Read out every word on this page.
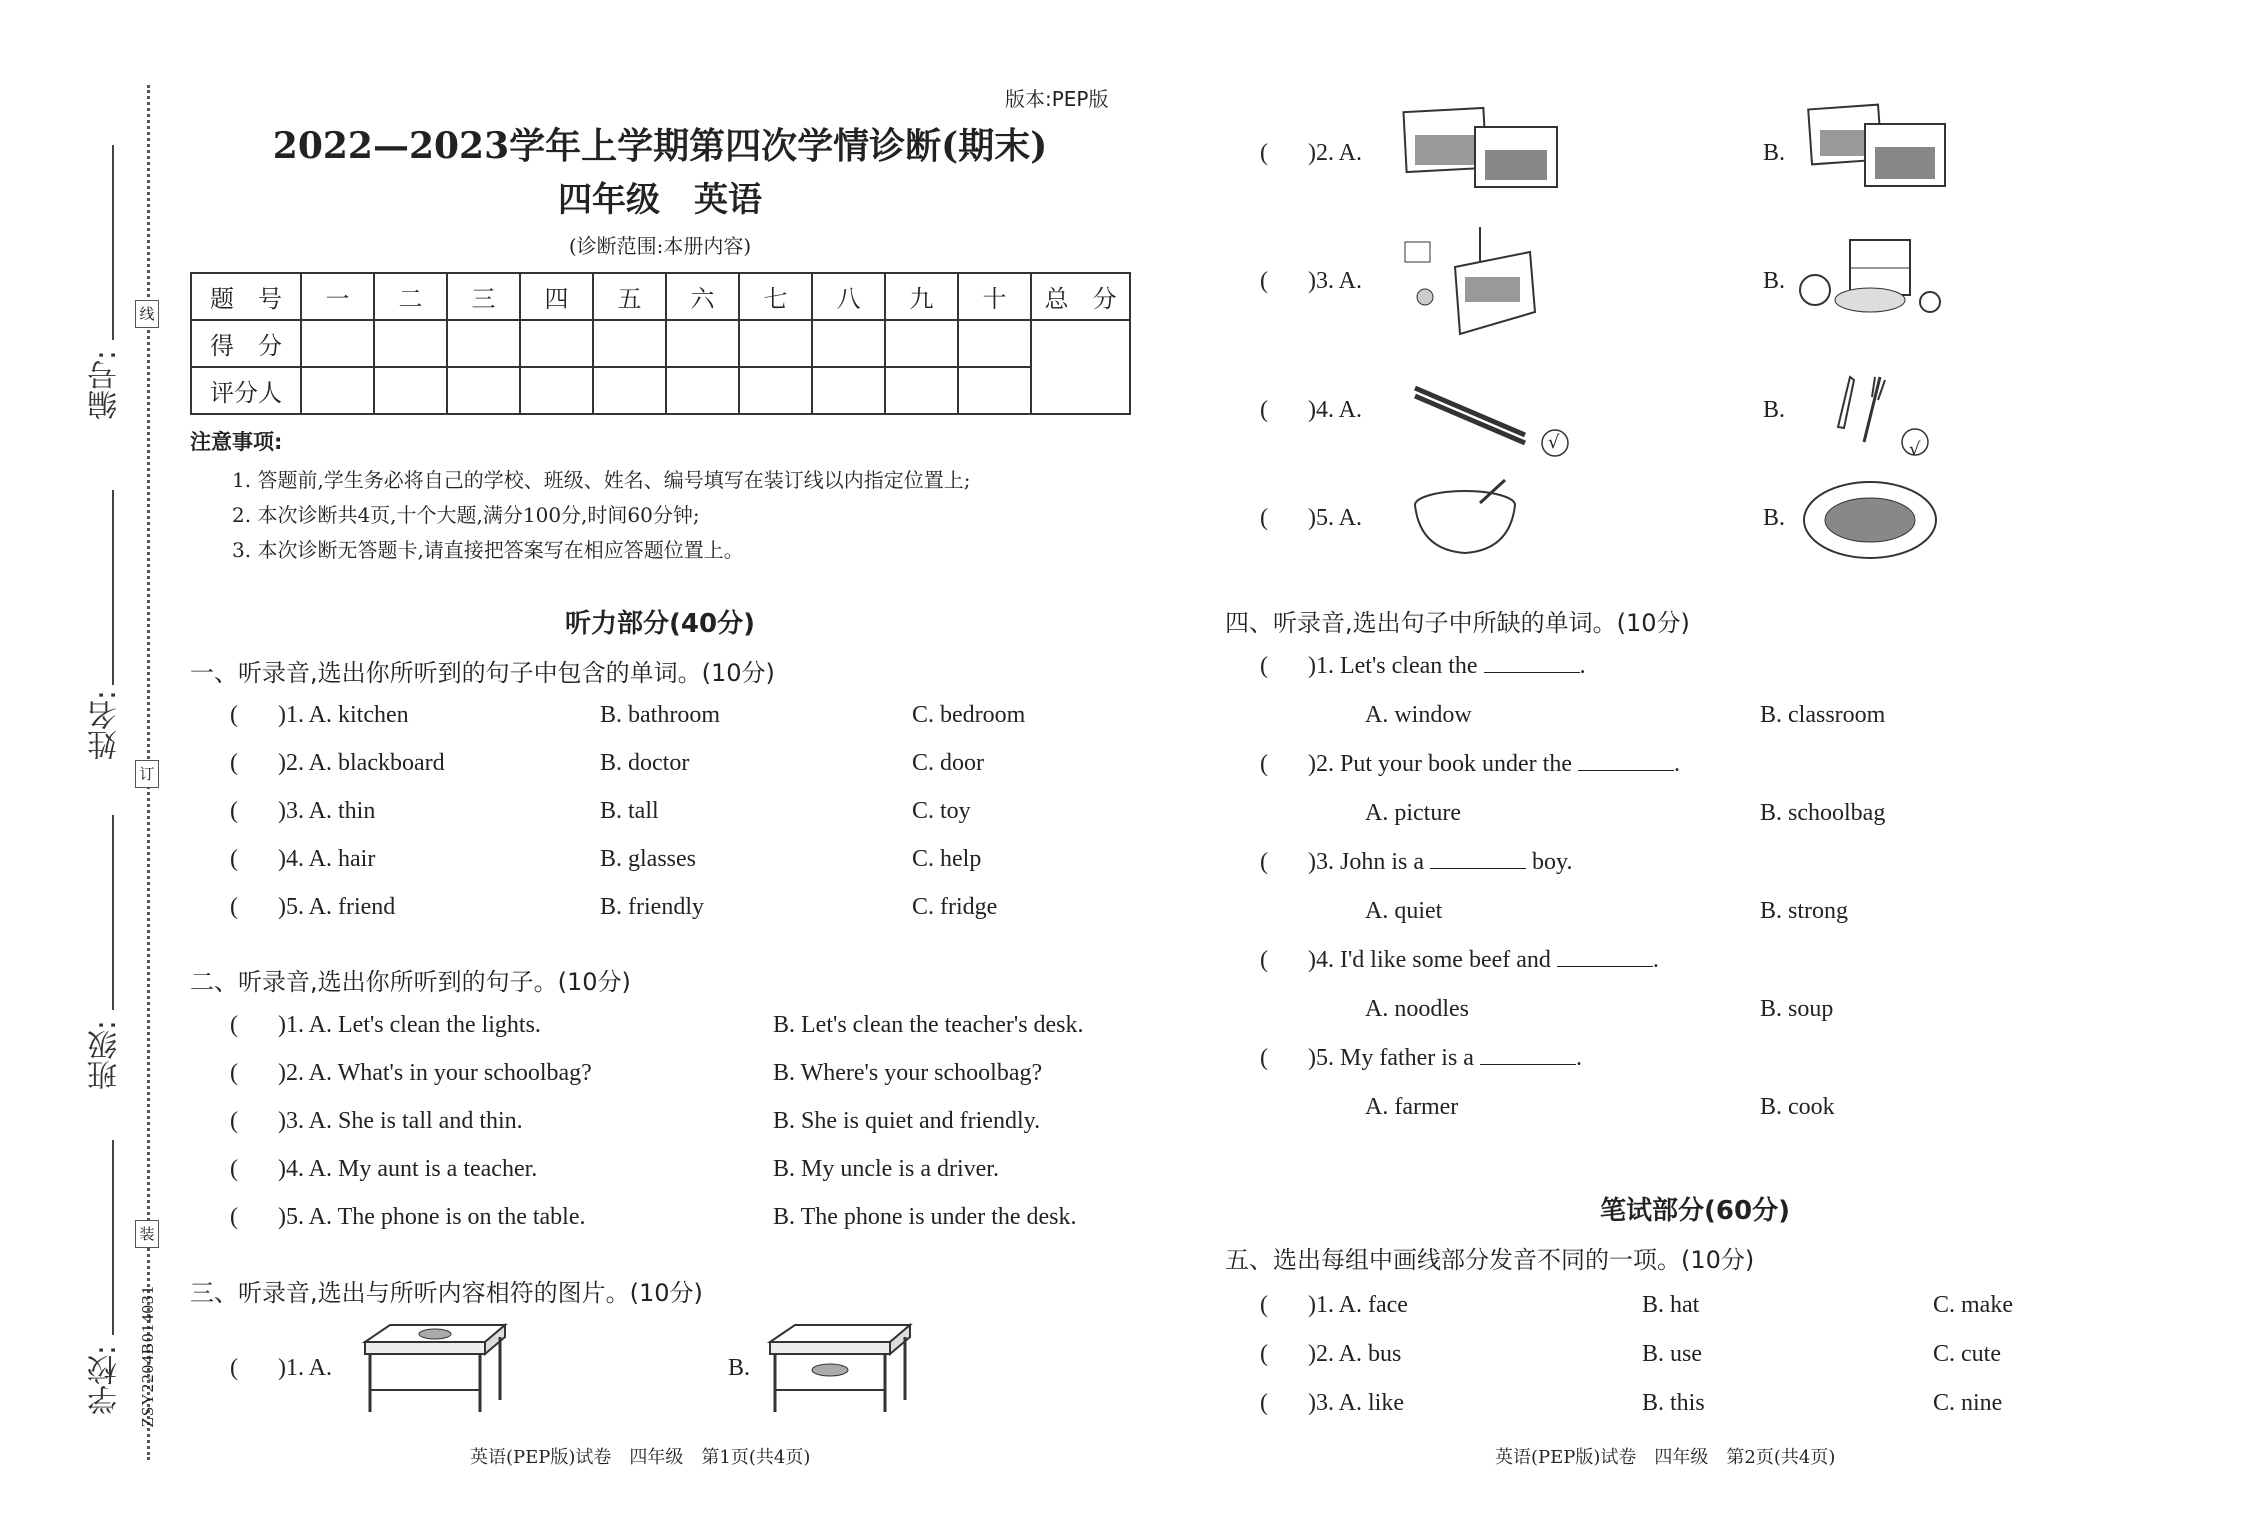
编号:
姓名:
班级:
学校:
线
订
装
ZSY2204B014031
版本:PEP版
2022—2023学年上学期第四次学情诊断(期末)
四年级　英语
(诊断范围:本册内容)
题　号	一	二	三	四	五	六	七	八	九	十	总　分
得　分											
评分人											
注意事项:
1. 答题前,学生务必将自己的学校、班级、姓名、编号填写在装订线以内指定位置上;
2. 本次诊断共4页,十个大题,满分100分,时间60分钟;
3. 本次诊断无答题卡,请直接把答案写在相应答题位置上。
听力部分(40分)
一、听录音,选出你所听到的句子中包含的单词。(10分)
( )1. A. kitchen	B. bathroom	C. bedroom
( )2. A. blackboard	B. doctor	C. door
( )3. A. thin	B. tall	C. toy
( )4. A. hair	B. glasses	C. help
( )5. A. friend	B. friendly	C. fridge
二、听录音,选出你所听到的句子。(10分)
( )1. A. Let's clean the lights.	B. Let's clean the teacher's desk.
( )2. A. What's in your schoolbag?	B. Where's your schoolbag?
( )3. A. She is tall and thin.	B. She is quiet and friendly.
( )4. A. My aunt is a teacher.	B. My uncle is a driver.
( )5. A. The phone is on the table.	B. The phone is under the desk.
三、听录音,选出与所听内容相符的图片。(10分)
( )1. A.	B.
英语(PEP版)试卷　四年级　第1页(共4页)
( )2. A.	B.
( )3. A.	B.
( )4. A.
√
B.
√
( )5. A.	B.
四、听录音,选出句子中所缺的单词。(10分)
( )1. Let's clean the	.
A. window	B. classroom
( )2. Put your book under the	.
A. picture	B. schoolbag
( )3. John is a	boy.
A. quiet	B. strong
( )4. I'd like some beef and	.
A. noodles	B. soup
( )5. My father is a	.
A. farmer	B. cook
笔试部分(60分)
五、选出每组中画线部分发音不同的一项。(10分)
( )1. A. face	B. hat	C. make
( )2. A. bus	B. use	C. cute
( )3. A. like	B. this	C. nine
英语(PEP版)试卷　四年级　第2页(共4页)
